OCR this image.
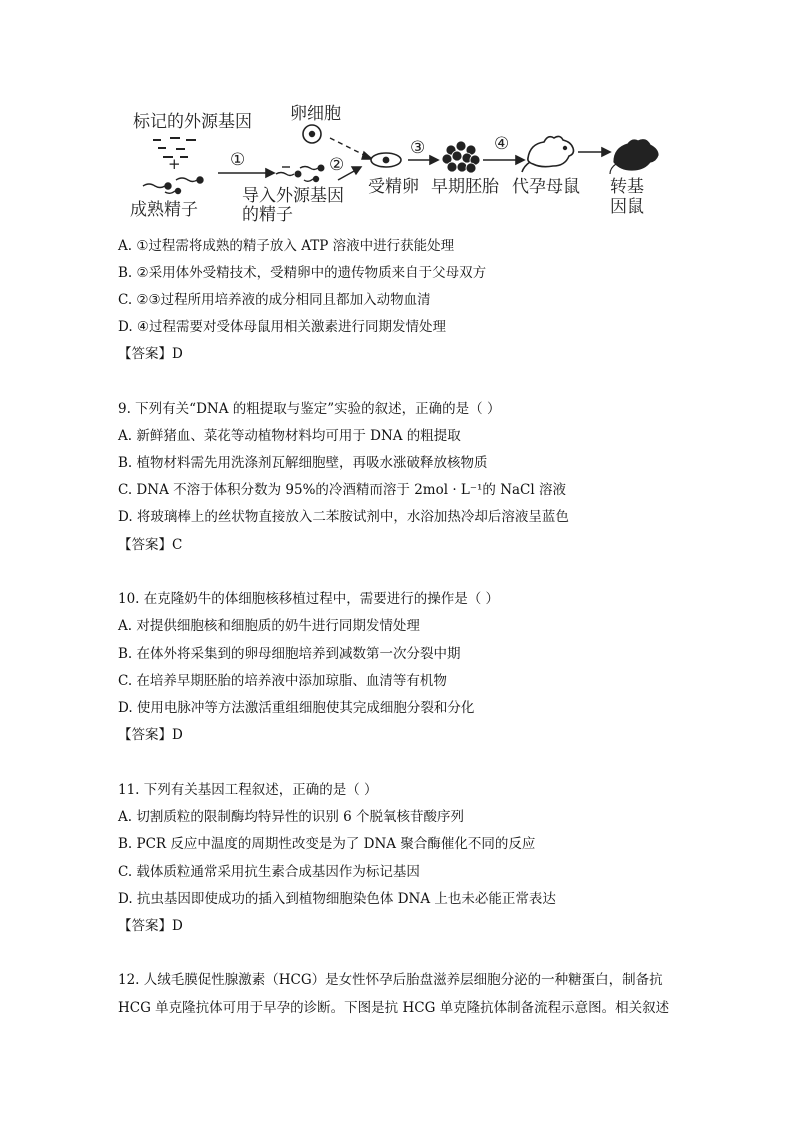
标记的外源基因
+
成熟精子
①
导入外源基因
的精子
卵细胞
②
受精卵
③
早期胚胎
④
代孕母鼠 转基
因鼠
A. ①过程需将成熟的精子放入 ATP 溶液中进行获能处理
B. ②采用体外受精技术，受精卵中的遗传物质来自于父母双方
C. ②③过程所用培养液的成分相同且都加入动物血清
D. ④过程需要对受体母鼠用相关激素进行同期发情处理
【答案】D
9. 下列有关“DNA 的粗提取与鉴定”实验的叙述，正确的是（ ）
A. 新鲜猪血、菜花等动植物材料均可用于 DNA 的粗提取
B. 植物材料需先用洗涤剂瓦解细胞壁，再吸水涨破释放核物质
C. DNA 不溶于体积分数为 95%的冷酒精而溶于 2mol · L⁻¹的 NaCl 溶液
D. 将玻璃棒上的丝状物直接放入二苯胺试剂中，水浴加热冷却后溶液呈蓝色
【答案】C
10. 在克隆奶牛的体细胞核移植过程中，需要进行的操作是（ ）
A. 对提供细胞核和细胞质的奶牛进行同期发情处理
B. 在体外将采集到的卵母细胞培养到减数第一次分裂中期
C. 在培养早期胚胎的培养液中添加琼脂、血清等有机物
D. 使用电脉冲等方法激活重组细胞使其完成细胞分裂和分化
【答案】D
11. 下列有关基因工程叙述，正确的是（ ）
A. 切割质粒的限制酶均特异性的识别 6 个脱氧核苷酸序列
B. PCR 反应中温度的周期性改变是为了 DNA 聚合酶催化不同的反应
C. 载体质粒通常采用抗生素合成基因作为标记基因
D. 抗虫基因即使成功的插入到植物细胞染色体 DNA 上也未必能正常表达
【答案】D
12. 人绒毛膜促性腺激素（HCG）是女性怀孕后胎盘滋养层细胞分泌的一种糖蛋白，制备抗
HCG 单克隆抗体可用于早孕的诊断。下图是抗 HCG 单克隆抗体制备流程示意图。相关叙述
